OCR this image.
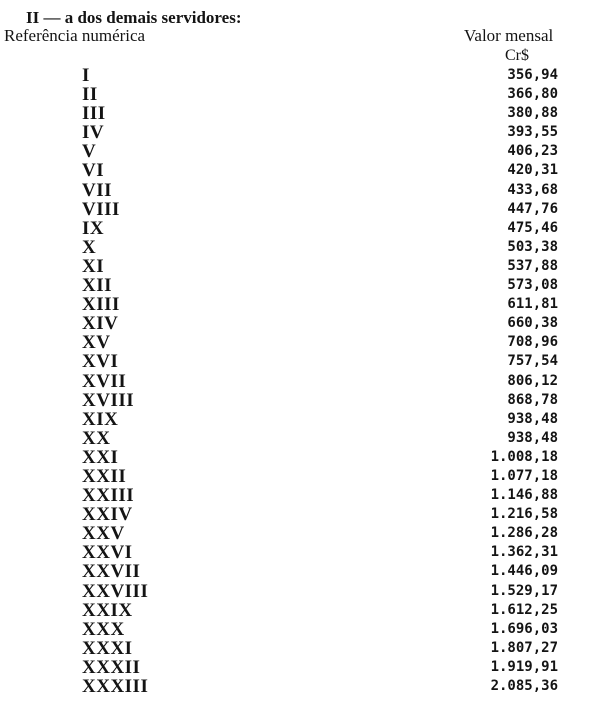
II — a dos demais servidores:
Referência numérica	Valor mensal
Cr$
I	356,94
II	366,80
III	380,88
IV	393,55
V	406,23
VI	420,31
VII	433,68
VIII	447,76
IX	475,46
X	503,38
XI	537,88
XII	573,08
XIII	611,81
XIV	660,38
XV	708,96
XVI	757,54
XVII	806,12
XVIII	868,78
XIX	938,48
XX	938,48
XXI	1.008,18
XXII	1.077,18
XXIII	1.146,88
XXIV	1.216,58
XXV	1.286,28
XXVI	1.362,31
XXVII	1.446,09
XXVIII	1.529,17
XXIX	1.612,25
XXX	1.696,03
XXXI	1.807,27
XXXII	1.919,91
XXXIII	2.085,36
